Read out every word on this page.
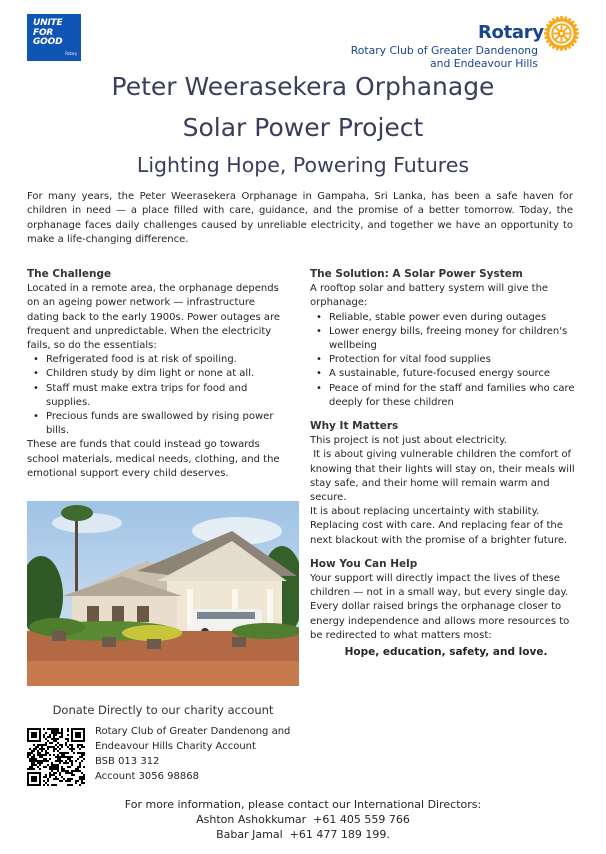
UNITE
FOR
GOOD
Rotary
Rotary
Rotary Club of Greater Dandenong
and Endeavour Hills
Peter Weerasekera Orphanage
Solar Power Project
Lighting Hope, Powering Futures

For many years, the Peter Weerasekera Orphanage in Gampaha, Sri Lanka, has been a safe haven for children in need — a place filled with care, guidance, and the promise of a better tomorrow. Today, the orphanage faces daily challenges caused by unreliable electricity, and together we have an opportunity to make a life-changing difference.

The Challenge

Located in a remote area, the orphanage depends on an ageing power network — infrastructure dating back to the early 1900s. Power outages are frequent and unpredictable. When the electricity fails, so do the essentials:

• Refrigerated food is at risk of spoiling.
• Children study by dim light or none at all.
• Staff must make extra trips for food and supplies.
• Precious funds are swallowed by rising power bills.

These are funds that could instead go towards school materials, medical needs, clothing, and the emotional support every child deserves.

The Solution: A Solar Power System

A rooftop solar and battery system will give the orphanage:

• Reliable, stable power even during outages
• Lower energy bills, freeing money for children's wellbeing
• Protection for vital food supplies
• A sustainable, future-focused energy source
• Peace of mind for the staff and families who care deeply for these children
Why It Matters

This project is not just about electricity.

It is about giving vulnerable children the comfort of knowing that their lights will stay on, their meals will stay safe, and their home will remain warm and secure.

It is about replacing uncertainty with stability. Replacing cost with care. And replacing fear of the next blackout with the promise of a brighter future.

How You Can Help

Your support will directly impact the lives of these children — not in a small way, but every single day.

Every dollar raised brings the orphanage closer to energy independence and allows more resources to be redirected to what matters most:

Hope, education, safety, and love.

Donate Directly to our charity account
Rotary Club of Greater Dandenong and
Endeavour Hills Charity Account
BSB 013 312
Account 3056 98868
For more information, please contact our International Directors:
Ashton Ashokkumar  +61 405 559 766
Babar Jamal  +61 477 189 199.
